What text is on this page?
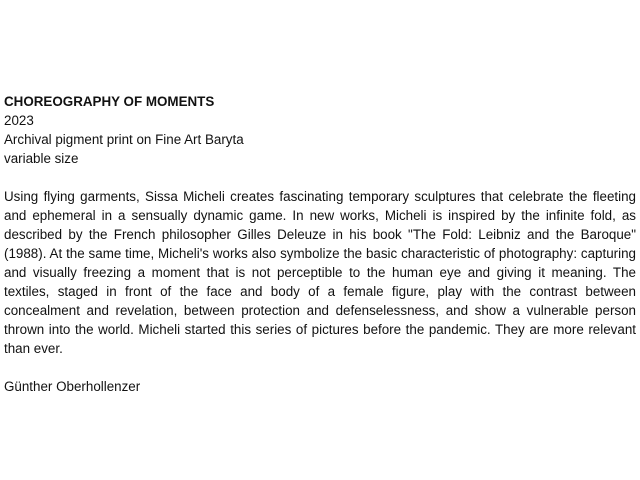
CHOREOGRAPHY OF MOMENTS

2023

Archival pigment print on Fine Art Baryta

variable size

Using flying garments, Sissa Micheli creates fascinating temporary sculptures that celebrate the fleeting and ephemeral in a sensually dynamic game. In new works, Micheli is inspired by the infinite fold, as described by the French philosopher Gilles Deleuze in his book "The Fold: Leibniz and the Baroque" (1988). At the same time, Micheli's works also symbolize the basic characteristic of photography: capturing and visually freezing a moment that is not perceptible to the human eye and giving it meaning. The textiles, staged in front of the face and body of a female figure, play with the contrast between concealment and revelation, between protection and defenselessness, and show a vulnerable person thrown into the world. Micheli started this series of pictures before the pandemic. They are more relevant than ever.

Günther Oberhollenzer
